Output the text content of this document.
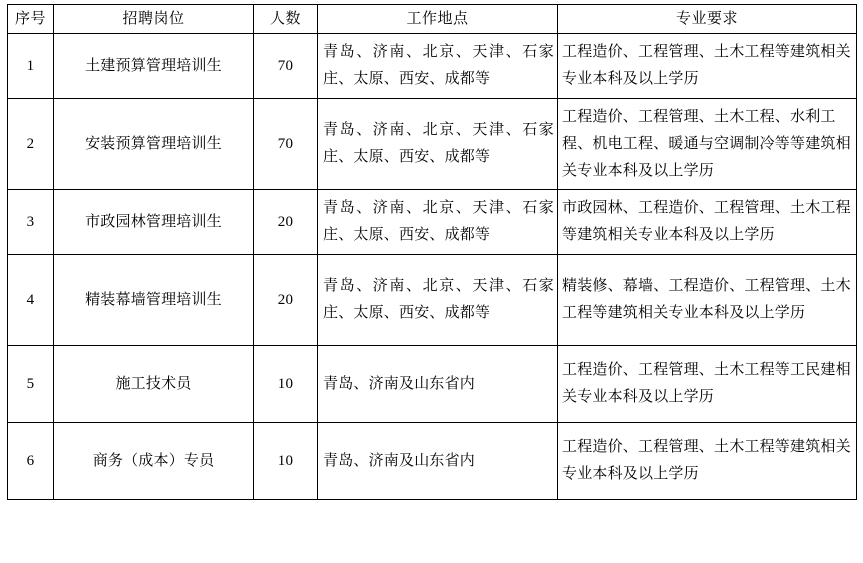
序号	招聘岗位	人数	工作地点	专业要求

1	土建预算管理培训生	70	青岛、济南、北京、天津、石家庄、太原、西安、成都等	工程造价、工程管理、土木工程等建筑相关专业本科及以上学历

2	安装预算管理培训生	70	青岛、济南、北京、天津、石家庄、太原、西安、成都等	工程造价、工程管理、土木工程、水利工程、机电工程、暖通与空调制冷等等建筑相关专业本科及以上学历

3	市政园林管理培训生	20	青岛、济南、北京、天津、石家庄、太原、西安、成都等	市政园林、工程造价、工程管理、土木工程等建筑相关专业本科及以上学历

4	精装幕墙管理培训生	20	青岛、济南、北京、天津、石家庄、太原、西安、成都等	精装修、幕墙、工程造价、工程管理、土木工程等建筑相关专业本科及以上学历

5	施工技术员	10	青岛、济南及山东省内	工程造价、工程管理、土木工程等工民建相关专业本科及以上学历

6	商务（成本）专员	10	青岛、济南及山东省内	工程造价、工程管理、土木工程等建筑相关专业本科及以上学历
